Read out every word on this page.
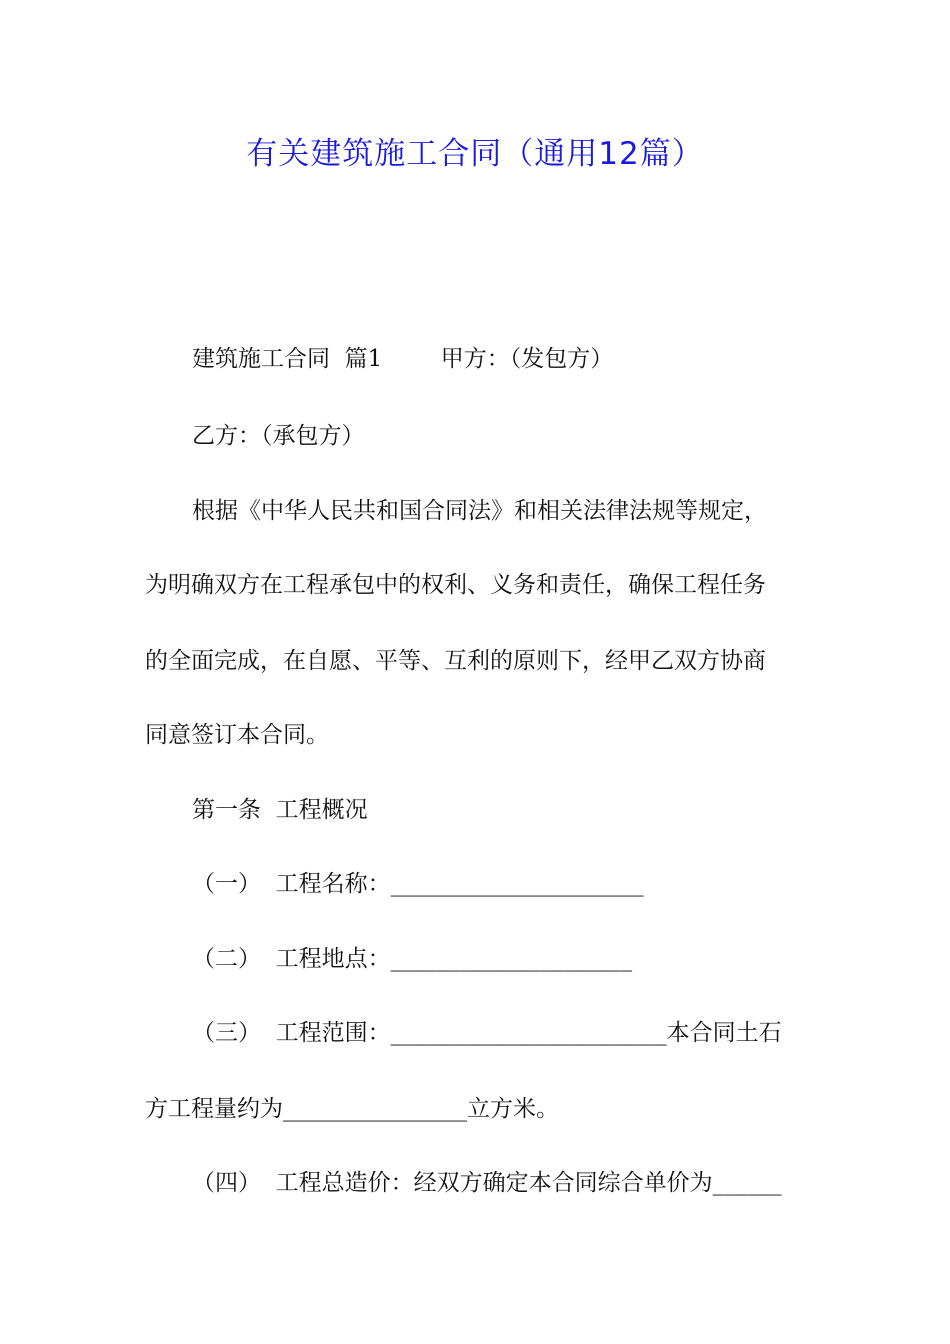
有关建筑施工合同（通用12篇）
建筑施工合同  篇1        甲方：（发包方）
乙方：（承包方）
根据《中华人民共和国合同法》和相关法律法规等规定，
为明确双方在工程承包中的权利、义务和责任，确保工程任务
的全面完成，在自愿、平等、互利的原则下，经甲乙双方协商
同意签订本合同。
第一条  工程概况
（一）  工程名称：______________________
（二）  工程地点：_____________________
（三）  工程范围：________________________本合同土石
方工程量约为________________立方米。
（四）  工程总造价：经双方确定本合同综合单价为______
